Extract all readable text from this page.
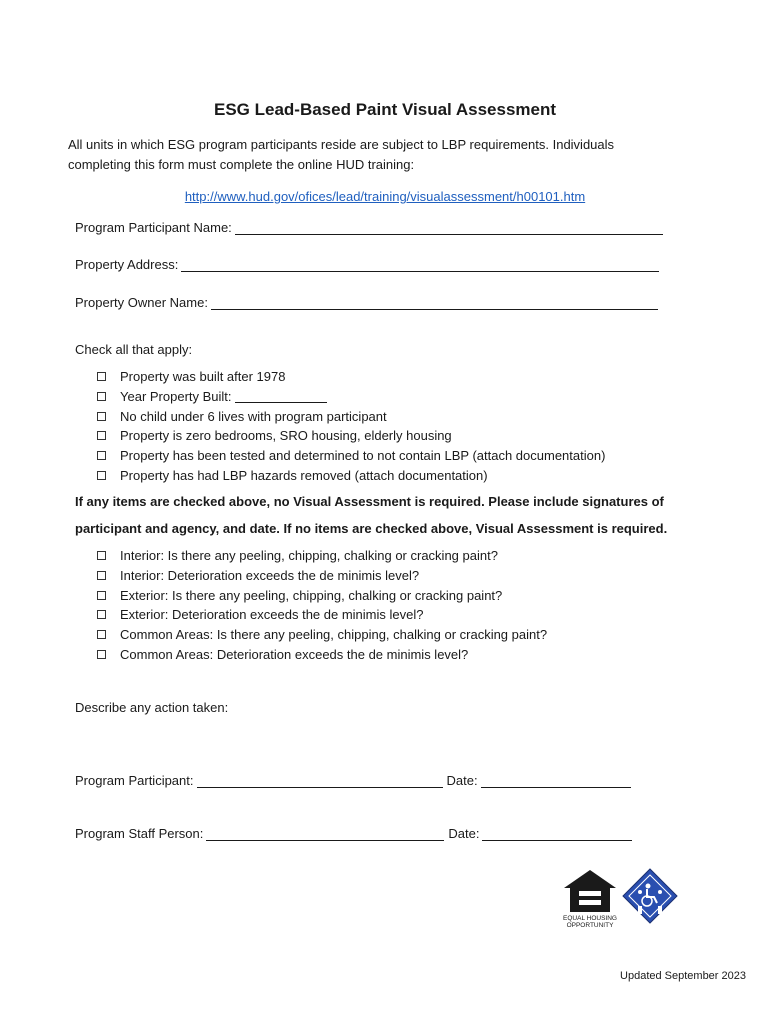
ESG Lead-Based Paint Visual Assessment
All units in which ESG program participants reside are subject to LBP requirements. Individuals
completing this form must complete the online HUD training:
http://www.hud.gov/ofices/lead/training/visualassessment/h00101.htm
Program Participant Name:
Property Address:
Property Owner Name:
Check all that apply:
Property was built after 1978
Year Property Built:
No child under 6 lives with program participant
Property is zero bedrooms, SRO housing, elderly housing
Property has been tested and determined to not contain LBP (attach documentation)
Property has had LBP hazards removed (attach documentation)
If any items are checked above, no Visual Assessment is required. Please include signatures of
participant and agency, and date. If no items are checked above, Visual Assessment is required.
Interior: Is there any peeling, chipping, chalking or cracking paint?
Interior: Deterioration exceeds the de minimis level?
Exterior: Is there any peeling, chipping, chalking or cracking paint?
Exterior: Deterioration exceeds the de minimis level?
Common Areas: Is there any peeling, chipping, chalking or cracking paint?
Common Areas: Deterioration exceeds the de minimis level?
Describe any action taken:
Program Participant:	Date:
Program Staff Person:	Date:
EQUAL HOUSING
OPPORTUNITY
Updated September 2023
